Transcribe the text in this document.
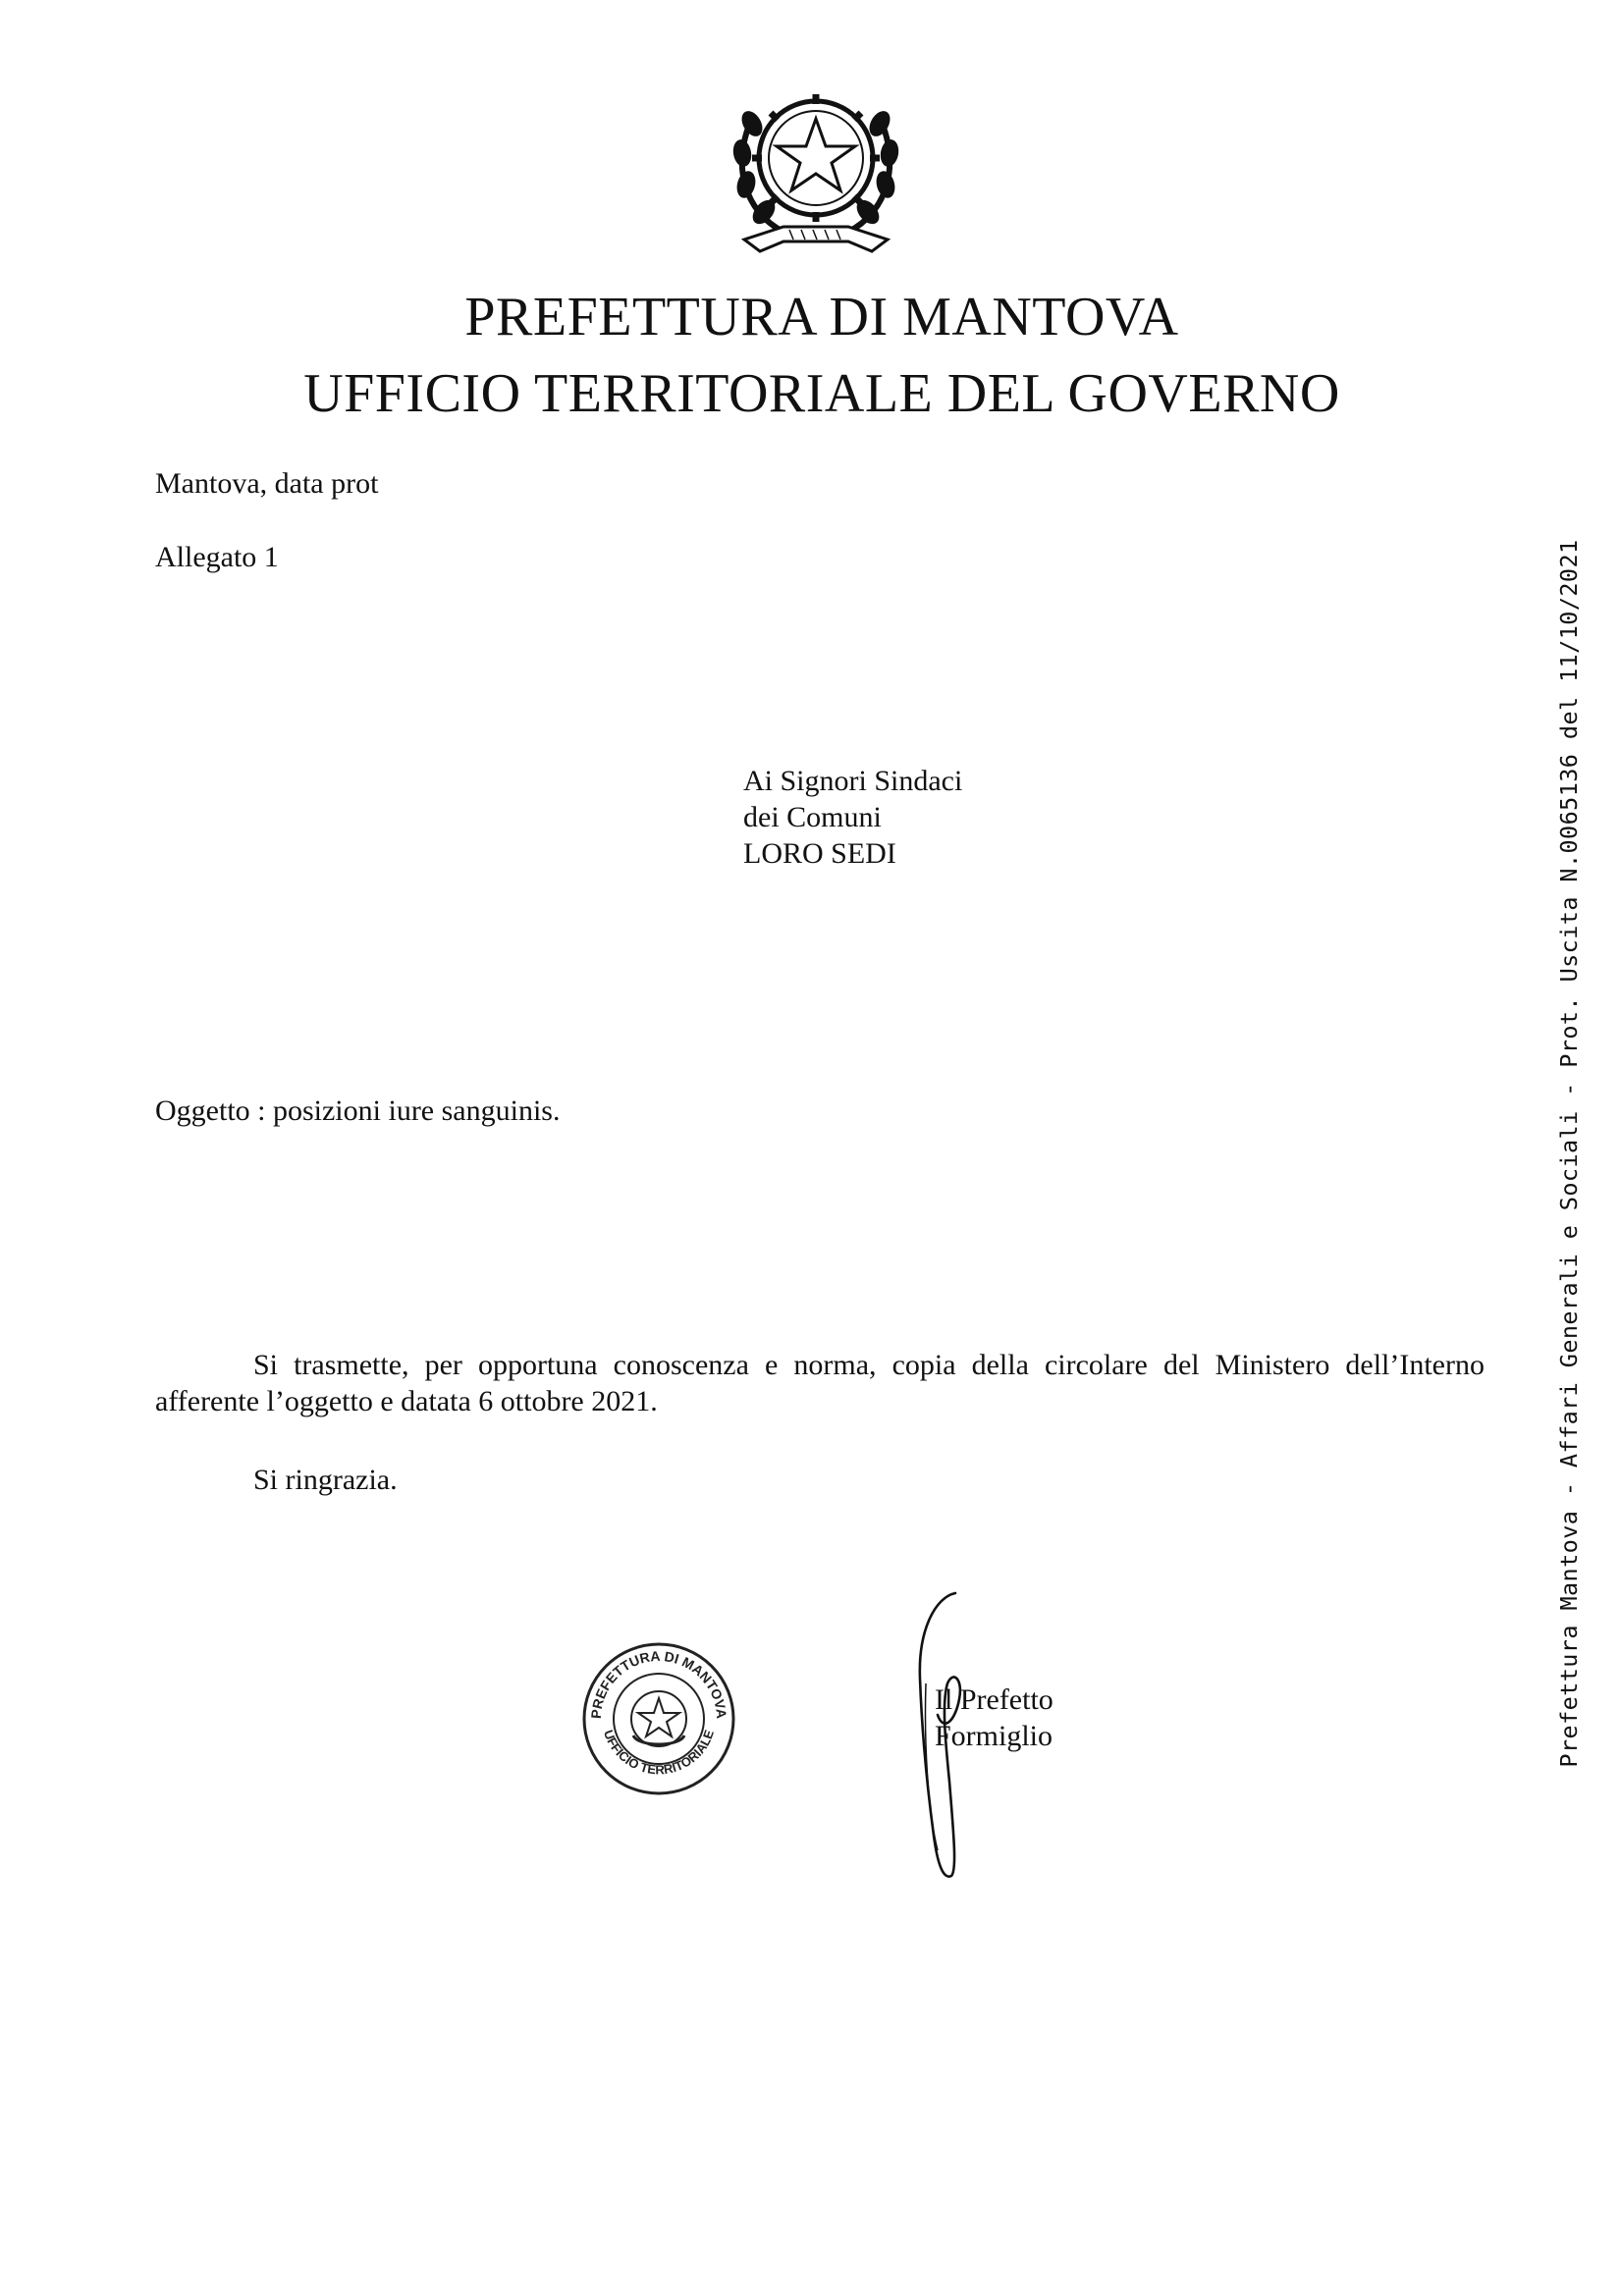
PREFETTURA DI MANTOVA
UFFICIO TERRITORIALE DEL GOVERNO
Mantova, data prot
Allegato 1
Ai Signori Sindaci
dei Comuni
LORO SEDI
Oggetto : posizioni iure sanguinis.
Si trasmette, per opportuna conoscenza e norma, copia della circolare del Ministero dell’Interno afferente l’oggetto e datata 6 ottobre 2021.
Si ringrazia.
PREFETTURA DI MANTOVA
UFFICIO TERRITORIALE
Il Prefetto
Formiglio	Prefettura Mantova - Affari Generali e Sociali - Prot. Uscita N.0065136 del 11/10/2021
